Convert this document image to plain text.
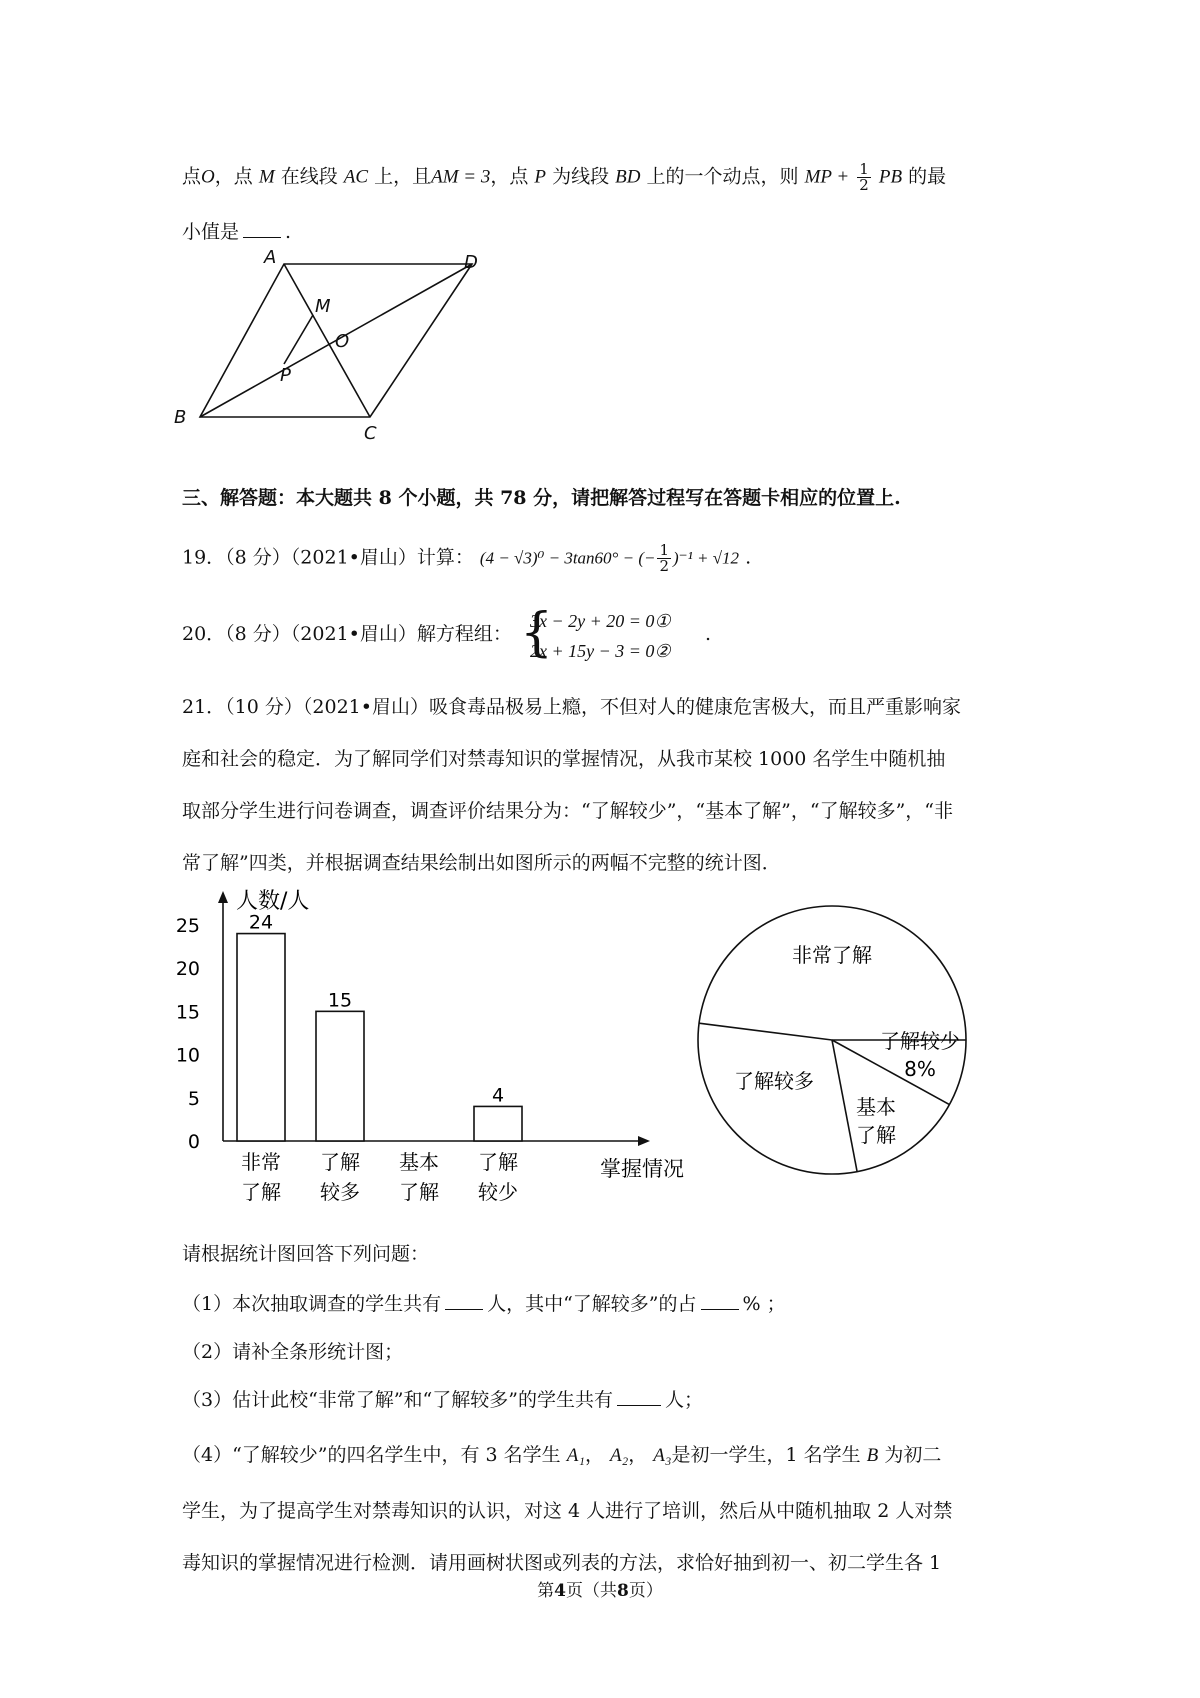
点O，点 M 在线段 AC 上，且AM = 3，点 P 为线段 BD 上的一个动点，则 MP + $\frac{1}{2}$ PB 的最
小值是 .
A	D
M
O
P
B
C
三、解答题：本大题共 8 个小题，共 78 分，请把解答过程写在答题卡相应的位置上.
19．（8 分）（2021•眉山）计算： (4 − √3)⁰ − 3tan60° − (− $\frac{1}{2} )^{-1} + √12$ .
20．（8 分）（2021•眉山）解方程组： {
3x − 2y + 20 = 0①
2x + 15y − 3 = 0②
.
21．（10 分）（2021•眉山）吸食毒品极易上瘾，不但对人的健康危害极大，而且严重影响家
庭和社会的稳定．为了解同学们对禁毒知识的掌握情况，从我市某校 1000 名学生中随机抽
取部分学生进行问卷调查，调查评价结果分为：“了解较少”，“基本了解”，“了解较多”，“非
常了解”四类，并根据调查结果绘制出如图所示的两幅不完整的统计图．
人数/人
掌握情况
0
5
10
15
20
25	24
15
4
非常
了解
了解
较多
基本
了解
了解
较少
非常了解
了解较少
8%
基本
了解
了解较多
请根据统计图回答下列问题：
（1）本次抽取调查的学生共有 人，其中“了解较多”的占 % ；
（2）请补全条形统计图；
（3）估计此校“非常了解”和“了解较多”的学生共有	人；
（4）“了解较少”的四名学生中，有 3 名学生 A₁， A₂， A₃是初一学生，1 名学生 B 为初二
学生，为了提高学生对禁毒知识的认识，对这 4 人进行了培训，然后从中随机抽取 2 人对禁
毒知识的掌握情况进行检测．请用画树状图或列表的方法，求恰好抽到初一、初二学生各 1
第4页（共8页）
